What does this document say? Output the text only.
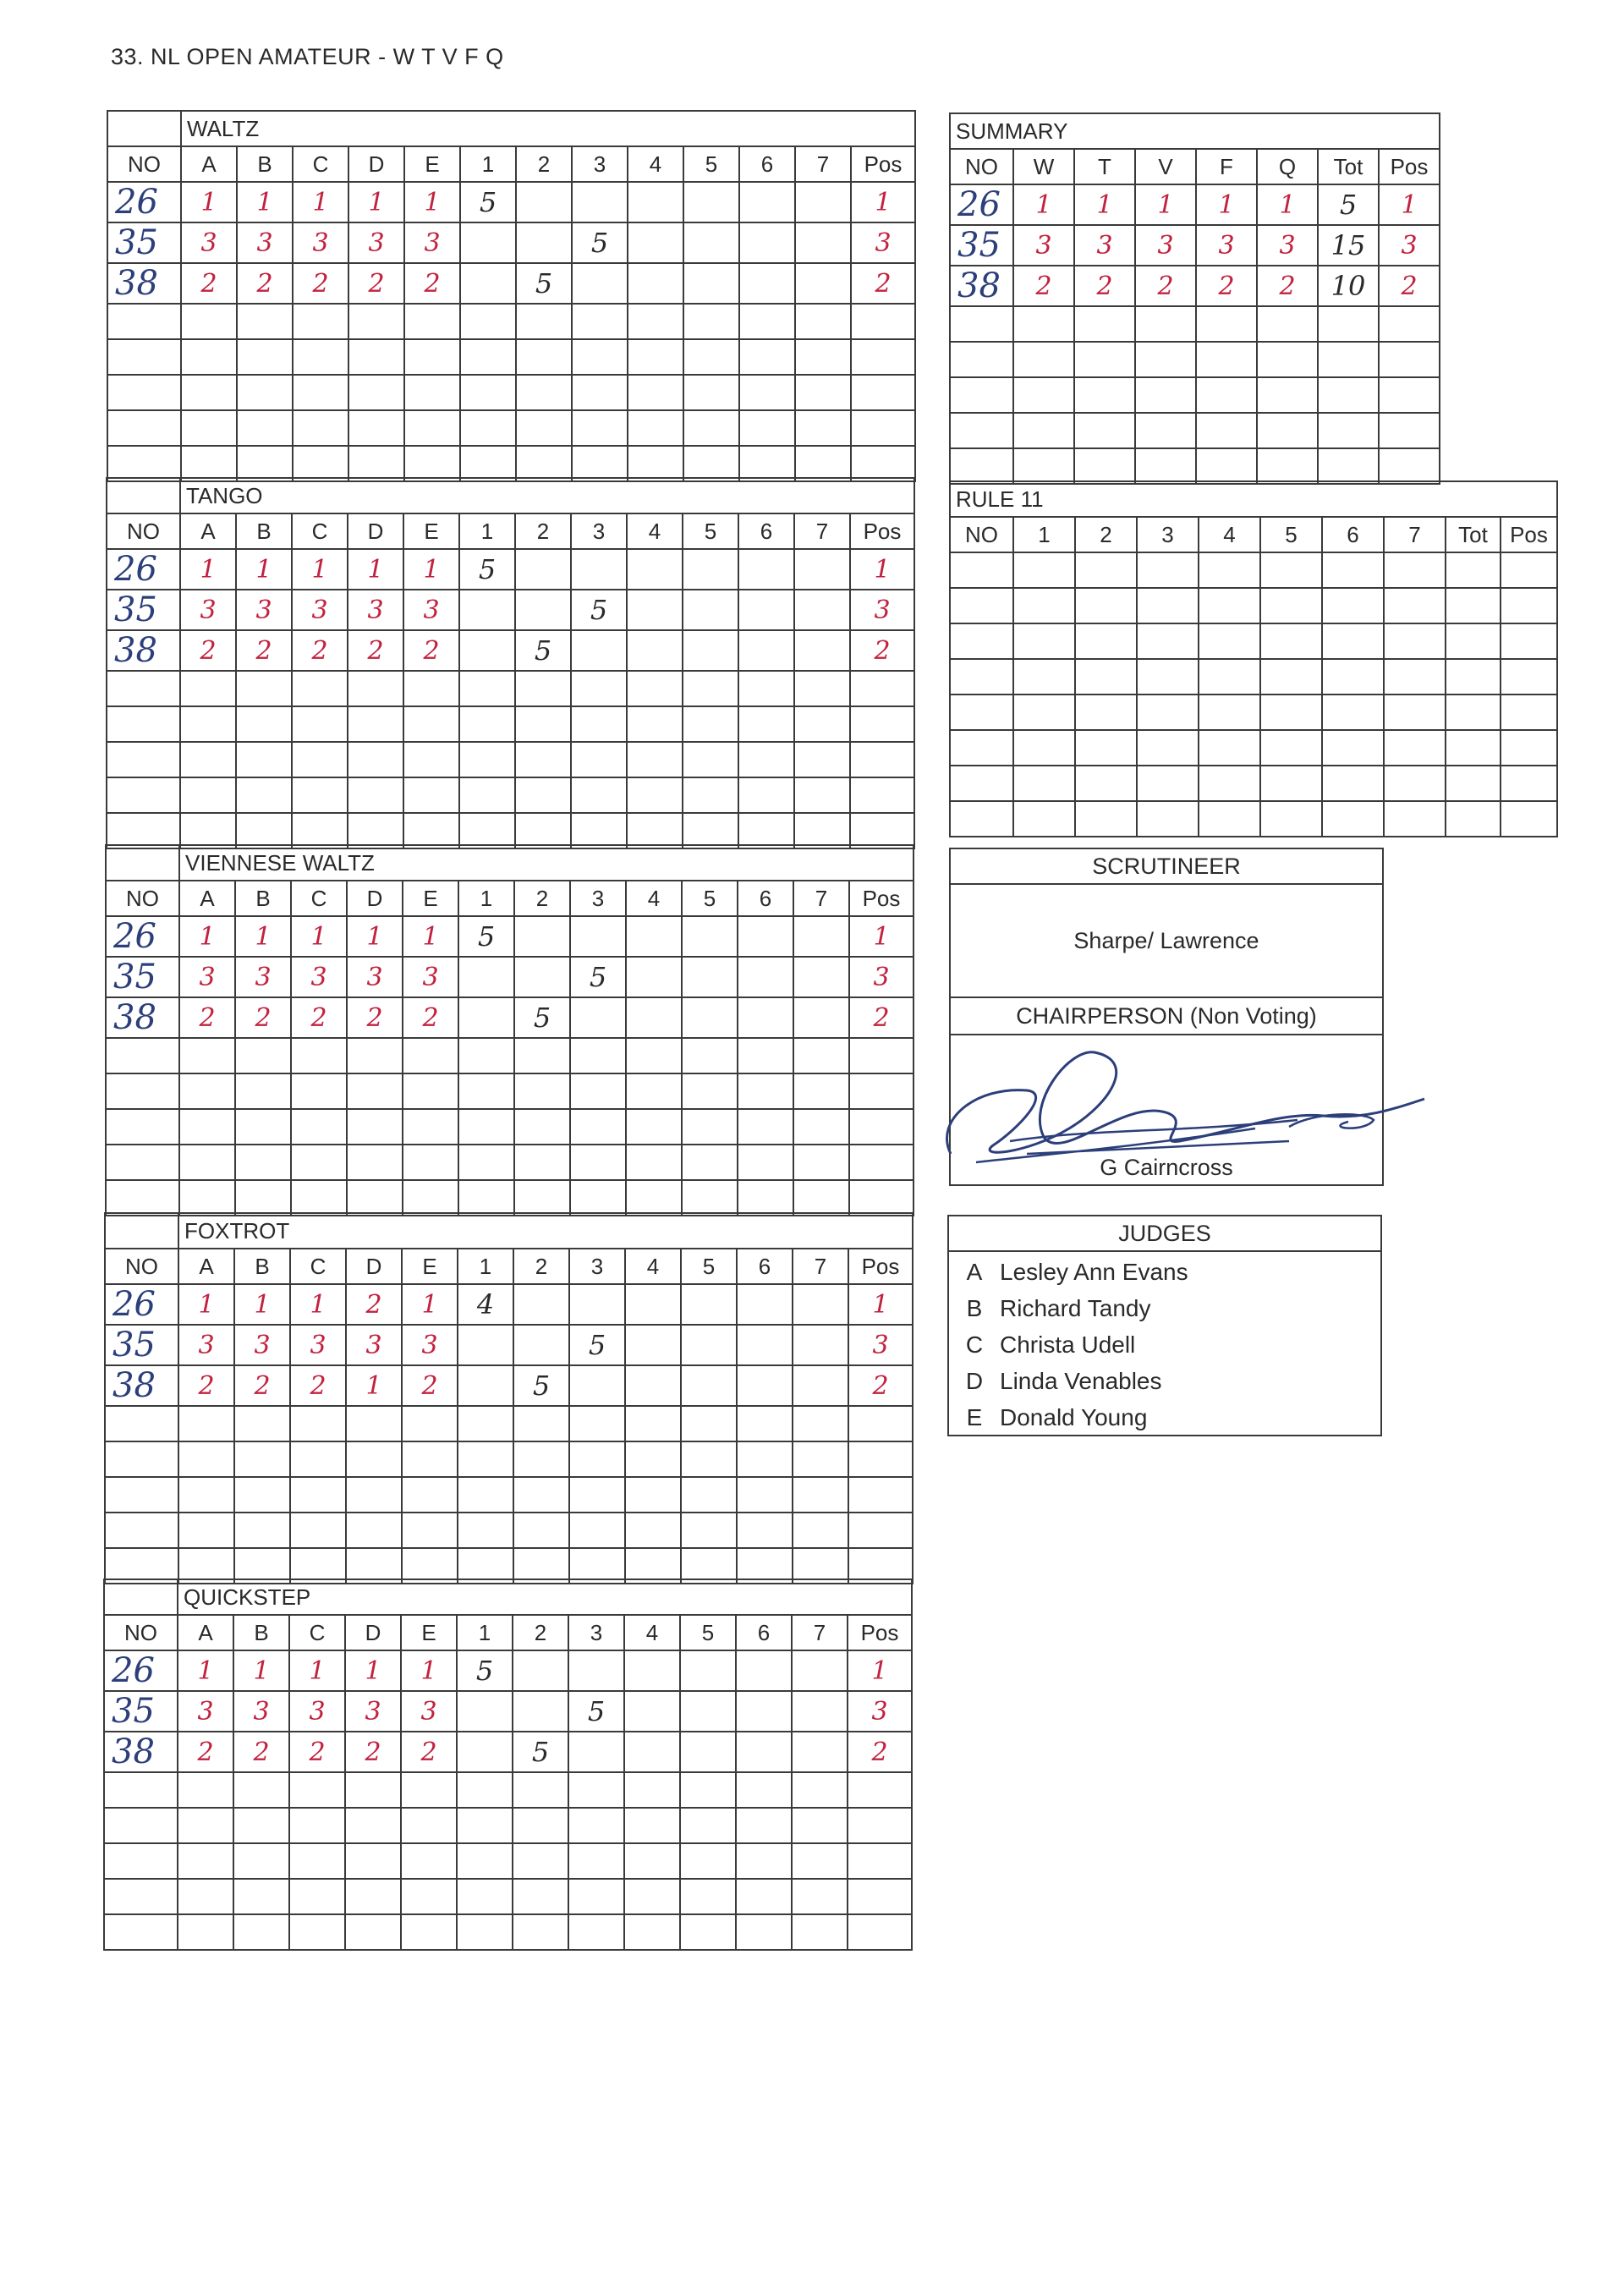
33. NL OPEN AMATEUR - W T V F Q
	WALTZ												
NO	A	B	C	D	E	1	2	3	4	5	6	7	Pos
26	1	1	1	1	1	5							1
35	3	3	3	3	3			5					3
38	2	2	2	2	2		5						2

	TANGO												
NO	A	B	C	D	E	1	2	3	4	5	6	7	Pos
26	1	1	1	1	1	5							1
35	3	3	3	3	3			5					3
38	2	2	2	2	2		5						2

	VIENNESE WALTZ												
NO	A	B	C	D	E	1	2	3	4	5	6	7	Pos
26	1	1	1	1	1	5							1
35	3	3	3	3	3			5					3
38	2	2	2	2	2		5						2

	FOXTROT												
NO	A	B	C	D	E	1	2	3	4	5	6	7	Pos
26	1	1	1	2	1	4							1
35	3	3	3	3	3			5					3
38	2	2	2	1	2		5						2

	QUICKSTEP												
NO	A	B	C	D	E	1	2	3	4	5	6	7	Pos
26	1	1	1	1	1	5							1
35	3	3	3	3	3			5					3
38	2	2	2	2	2		5						2

SUMMARY							
NO	W	T	V	F	Q	Tot	Pos
26	1	1	1	1	1	5	1
35	3	3	3	3	3	15	3
38	2	2	2	2	2	10	2

RULE 11									
NO	1	2	3	4	5	6	7	Tot	Pos

SCRUTINEER
Sharpe/ Lawrence
CHAIRPERSON (Non Voting)
G Cairncross
JUDGES
A Lesley Ann Evans
B Richard Tandy
C Christa Udell
D Linda Venables
E Donald Young
